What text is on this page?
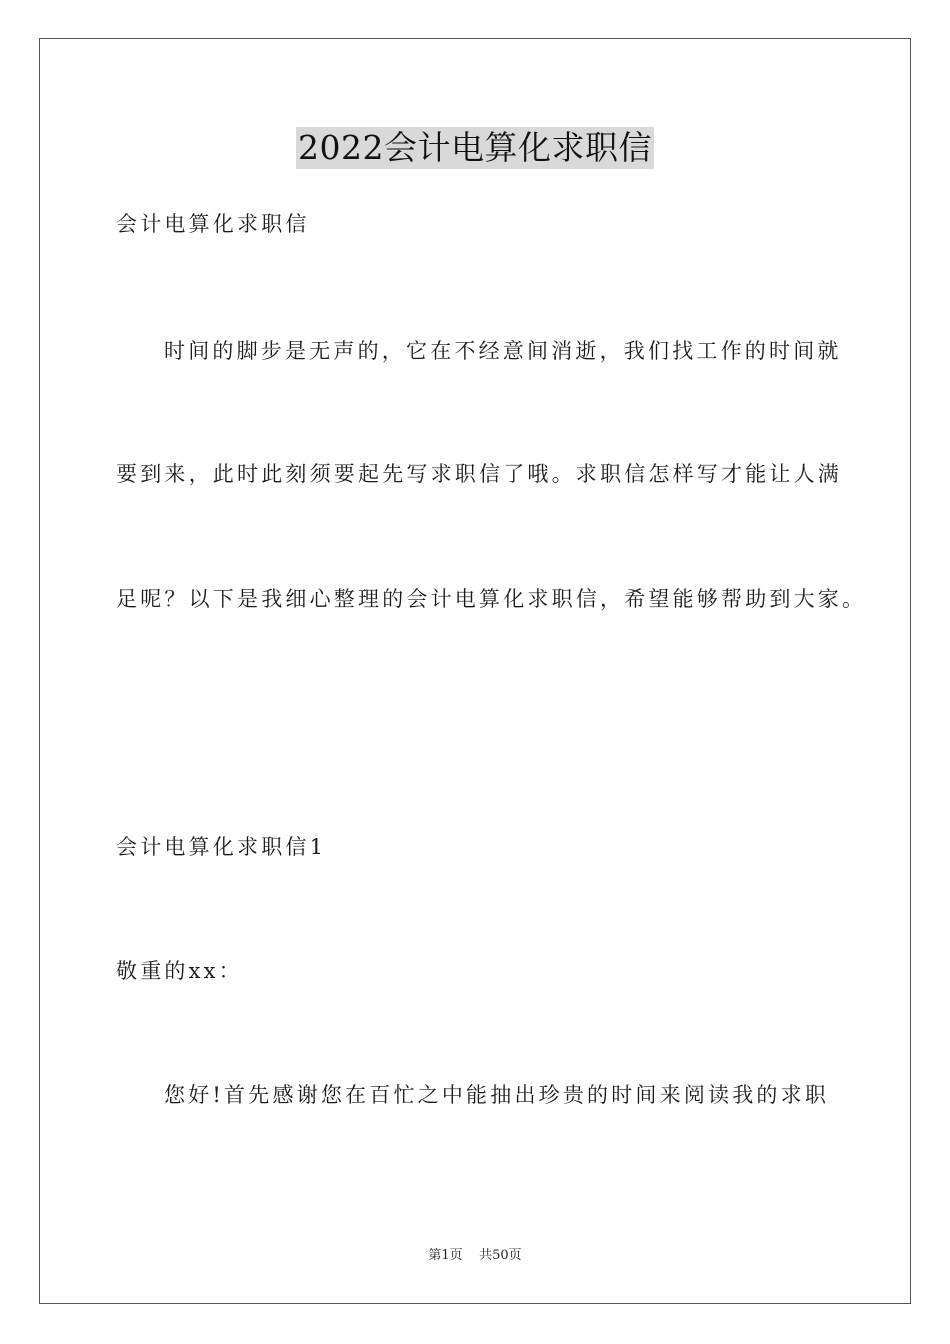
2022会计电算化求职信
会计电算化求职信
时间的脚步是无声的，它在不经意间消逝，我们找工作的时间就
要到来，此时此刻须要起先写求职信了哦。求职信怎样写才能让人满
足呢？以下是我细心整理的会计电算化求职信，希望能够帮助到大家。
会计电算化求职信1
敬重的xx：
您好!首先感谢您在百忙之中能抽出珍贵的时间来阅读我的求职
第1页 共50页
